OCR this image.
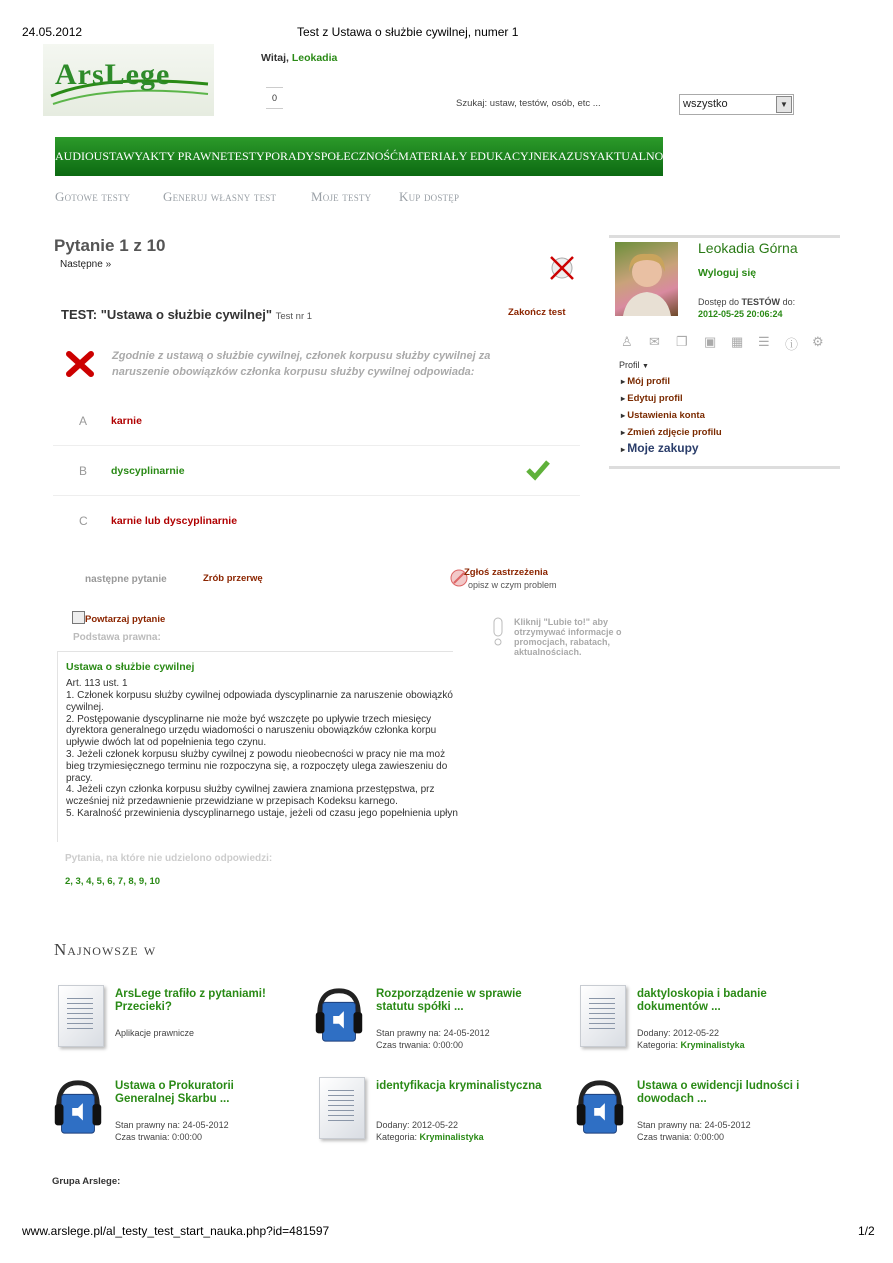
24.05.2012	Test z Ustawa o służbie cywilnej, numer 1
ArsLege	Witaj, Leokadia
0	Szukaj: ustaw, testów, osób, etc ...	wszystko	▼
AUDIOUSTAWYAKTY PRAWNETESTYPORADYSPOŁECZNOŚĆMATERIAŁY EDUKACYJNEKAZUSYAKTUALNOŚCI
Gotowe testy	Generuj własny test	Moje testy Kup dostęp
Pytanie 1 z 10
Następne »
TEST: "Ustawa o służbie cywilnej" Test nr 1	Zakończ test
Zgodnie z ustawą o służbie cywilnej, członek korpusu służby cywilnej za naruszenie obowiązków członka korpusu służby cywilnej odpowiada:
A karnie
B dyscyplinarnie
C karnie lub dyscyplinarnie
następne pytanie	Zrób przerwę
Zgłoś zastrzeżenia
opisz w czym problem
Powtarzaj pytanie
Podstawa prawna:
Kliknij "Lubie to!" aby otrzymywać informacje o promocjach, rabatach, aktualnościach.
Ustawa o służbie cywilnej
Art. 113 ust. 1

1. Członek korpusu służby cywilnej odpowiada dyscyplinarnie za naruszenie obowiązkó

cywilnej.

2. Postępowanie dyscyplinarne nie może być wszczęte po upływie trzech miesięcy

dyrektora generalnego urzędu wiadomości o naruszeniu obowiązków członka korpu

upływie dwóch lat od popełnienia tego czynu.

3. Jeżeli członek korpusu służby cywilnej z powodu nieobecności w pracy nie ma moż

bieg trzymiesięcznego terminu nie rozpoczyna się, a rozpoczęty ulega zawieszeniu do

pracy.

4. Jeżeli czyn członka korpusu służby cywilnej zawiera znamiona przestępstwa, prz

wcześniej niż przedawnienie przewidziane w przepisach Kodeksu karnego.

5. Karalność przewinienia dyscyplinarnego ustaje, jeżeli od czasu jego popełnienia upłyn

Pytania, na które nie udzielono odpowiedzi:
2, 3, 4, 5, 6, 7, 8, 9, 10
Leokadia Górna
Wyloguj się
Dostęp do TESTÓW do:
2012-05-25 20:06:24
♙ ✉ ❐ ▣ ▦ ☰ ⓘ ⚙
Profil ▼
▸ Mój profil
▸ Edytuj profil
▸ Ustawienia konta
▸ Zmień zdjęcie profilu
▸ Moje zakupy
Najnowsze w
ArsLege trafiło z pytaniami! Przecieki?
Aplikacje prawnicze
Rozporządzenie w sprawie statutu spółki ...
Stan prawny na: 24-05-2012
Czas trwania: 0:00:00
daktyloskopia i badanie dokumentów ...
Dodany: 2012-05-22
Kategoria: Kryminalistyka
Ustawa o Prokuratorii Generalnej Skarbu ...
Stan prawny na: 24-05-2012
Czas trwania: 0:00:00
identyfikacja kryminalistyczna
Dodany: 2012-05-22
Kategoria: Kryminalistyka
Ustawa o ewidencji ludności i dowodach ...
Stan prawny na: 24-05-2012
Czas trwania: 0:00:00
Grupa Arslege:
www.arslege.pl/al_testy_test_start_nauka.php?id=481597	1/2
